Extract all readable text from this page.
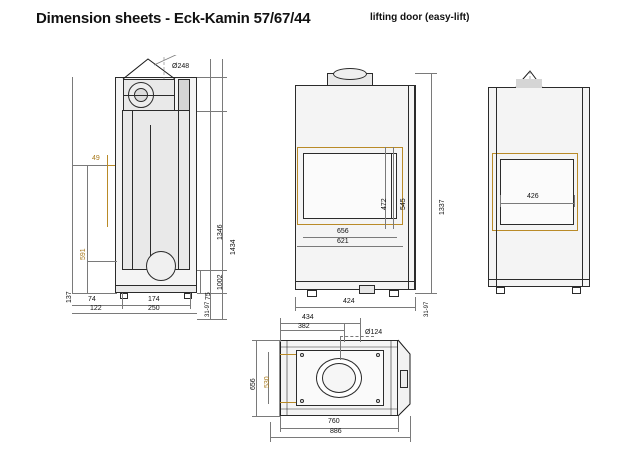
Dimension sheets - Eck-Kamin 57/67/44	lifting door (easy-lift)
Ø248
1434
1346
1002
75
591
49
137 74
122
174
250	31-97
1337
545
472
656
621
424
31-97
426
434
382
Ø124
656 530
760
886
